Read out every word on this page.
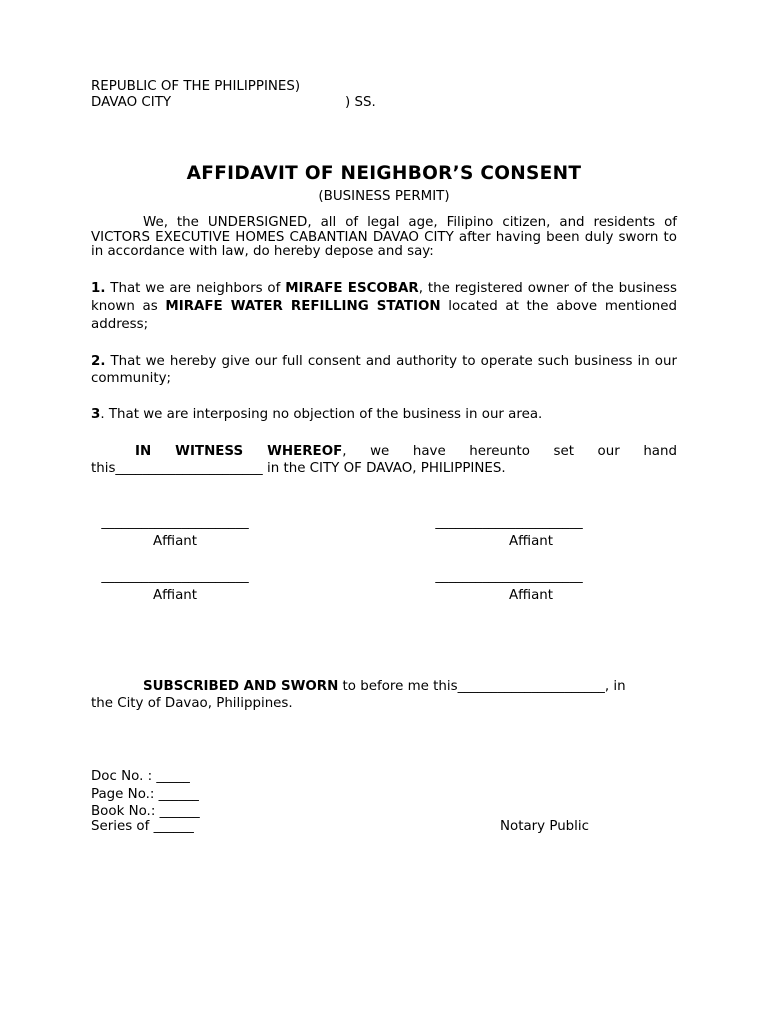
REPUBLIC OF THE PHILIPPINES)
DAVAO CITY	) SS.
AFFIDAVIT OF NEIGHBOR’S CONSENT
(BUSINESS PERMIT)
We, the UNDERSIGNED, all of legal age, Filipino citizen, and residents of VICTORS EXECUTIVE HOMES CABANTIAN DAVAO CITY after having been duly sworn to in accordance with law, do hereby depose and say:
1. That we are neighbors of MIRAFE ESCOBAR, the registered owner of the business known as MIRAFE WATER REFILLING STATION located at the above mentioned address;
2. That we hereby give our full consent and authority to operate such business in our community;
3. That we are interposing no objection of the business in our area.
IN WITNESS WHEREOF, we have hereunto set our hand
this______________________ in the CITY OF DAVAO, PHILIPPINES.
______________________
Affiant
______________________
Affiant
______________________
Affiant
______________________
Affiant
SUBSCRIBED AND SWORN to before me this______________________, in
the City of Davao, Philippines.
Doc No. : _____
Page No.: ______
Book No.: ______
Series of ______	Notary Public
